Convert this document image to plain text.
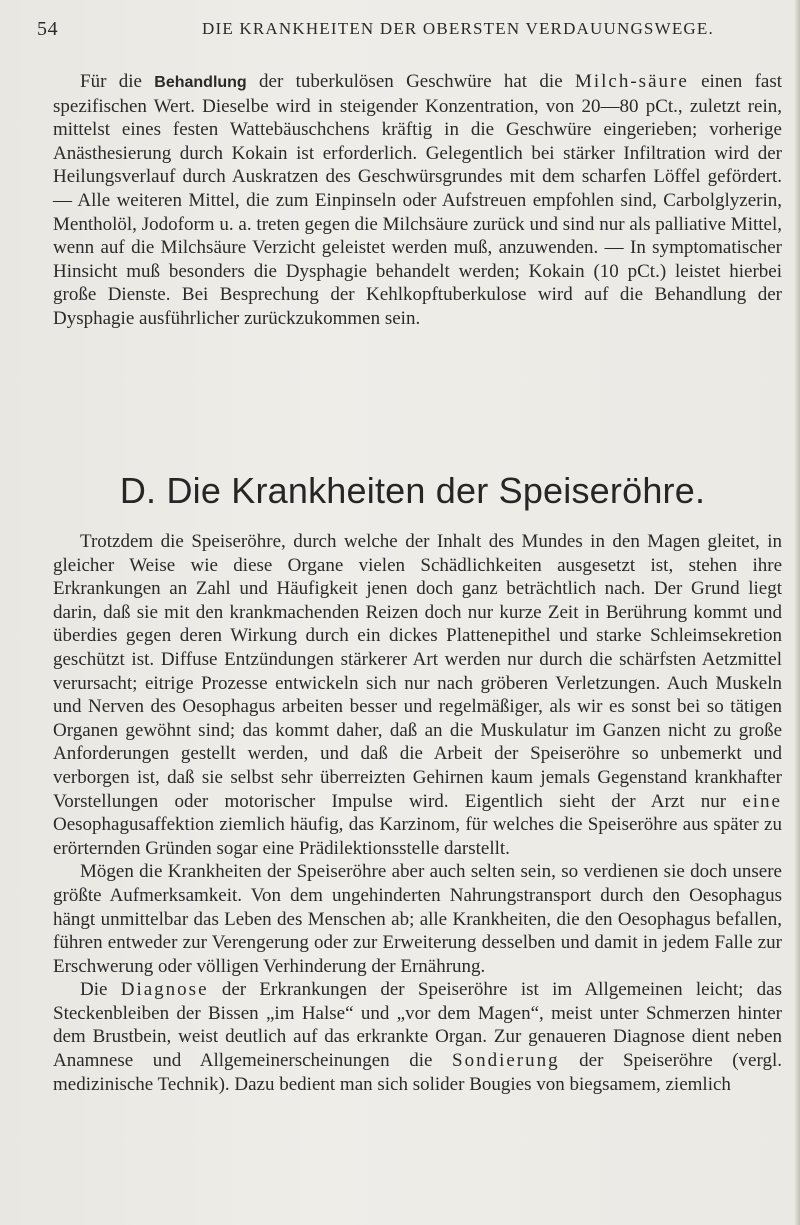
54	DIE KRANKHEITEN DER OBERSTEN VERDAUUNGSWEGE.

Für die Behandlung der tuberkulösen Geschwüre hat die Milch-säure einen fast spezifischen Wert. Dieselbe wird in steigender Konzentration, von 20—80 pCt., zuletzt rein, mittelst eines festen Wattebäuschchens kräftig in die Geschwüre eingerieben; vorherige Anästhesierung durch Kokain ist erforderlich. Gelegentlich bei stärker Infiltration wird der Heilungsverlauf durch Auskratzen des Geschwürsgrundes mit dem scharfen Löffel gefördert. — Alle weiteren Mittel, die zum Einpinseln oder Aufstreuen empfohlen sind, Carbolglyzerin, Mentholöl, Jodoform u. a. treten gegen die Milchsäure zurück und sind nur als palliative Mittel, wenn auf die Milchsäure Verzicht geleistet werden muß, anzuwenden. — In symptomatischer Hinsicht muß besonders die Dysphagie behandelt werden; Kokain (10 pCt.) leistet hierbei große Dienste. Bei Besprechung der Kehlkopftuberkulose wird auf die Behandlung der Dysphagie ausführlicher zurückzukommen sein.

D. Die Krankheiten der Speiseröhre.

Trotzdem die Speiseröhre, durch welche der Inhalt des Mundes in den Magen gleitet, in gleicher Weise wie diese Organe vielen Schädlichkeiten ausgesetzt ist, stehen ihre Erkrankungen an Zahl und Häufigkeit jenen doch ganz beträchtlich nach. Der Grund liegt darin, daß sie mit den krankmachenden Reizen doch nur kurze Zeit in Berührung kommt und überdies gegen deren Wirkung durch ein dickes Plattenepithel und starke Schleimsekretion geschützt ist. Diffuse Entzündungen stärkerer Art werden nur durch die schärfsten Aetzmittel verursacht; eitrige Prozesse entwickeln sich nur nach gröberen Verletzungen. Auch Muskeln und Nerven des Oesophagus arbeiten besser und regelmäßiger, als wir es sonst bei so tätigen Organen gewöhnt sind; das kommt daher, daß an die Muskulatur im Ganzen nicht zu große Anforderungen gestellt werden, und daß die Arbeit der Speiseröhre so unbemerkt und verborgen ist, daß sie selbst sehr überreizten Gehirnen kaum jemals Gegenstand krankhafter Vorstellungen oder motorischer Impulse wird. Eigentlich sieht der Arzt nur eine Oesophagusaffektion ziemlich häufig, das Karzinom, für welches die Speiseröhre aus später zu erörternden Gründen sogar eine Prädilektionsstelle darstellt.

Mögen die Krankheiten der Speiseröhre aber auch selten sein, so verdienen sie doch unsere größte Aufmerksamkeit. Von dem ungehinderten Nahrungstransport durch den Oesophagus hängt unmittelbar das Leben des Menschen ab; alle Krankheiten, die den Oesophagus befallen, führen entweder zur Verengerung oder zur Erweiterung desselben und damit in jedem Falle zur Erschwerung oder völligen Verhinderung der Ernährung.

Die Diagnose der Erkrankungen der Speiseröhre ist im Allgemeinen leicht; das Steckenbleiben der Bissen „im Halse“ und „vor dem Magen“, meist unter Schmerzen hinter dem Brustbein, weist deutlich auf das erkrankte Organ. Zur genaueren Diagnose dient neben Anamnese und Allgemeinerscheinungen die Sondierung der Speiseröhre (vergl. medizinische Technik). Dazu bedient man sich solider Bougies von biegsamem, ziemlich
